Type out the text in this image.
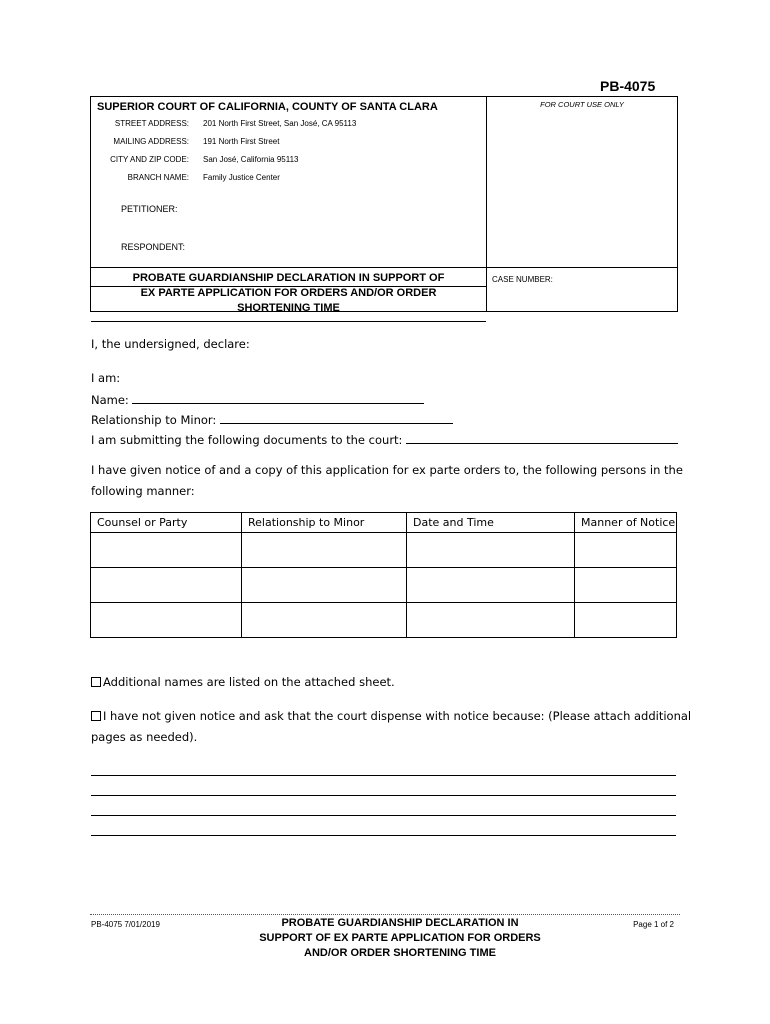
PB-4075
SUPERIOR COURT OF CALIFORNIA, COUNTY OF SANTA CLARA	FOR COURT USE ONLY
STREET ADDRESS: 201 North First Street, San José, CA 95113
MAILING ADDRESS: 191 North First Street
CITY AND ZIP CODE: San José, California 95113
BRANCH NAME: Family Justice Center
PETITIONER:
RESPONDENT:
PROBATE GUARDIANSHIP DECLARATION IN SUPPORT OF
EX PARTE APPLICATION FOR ORDERS AND/OR ORDER
SHORTENING TIME
CASE NUMBER:
I, the undersigned, declare:
I am:
Name:
Relationship to Minor:
I am submitting the following documents to the court:
I have given notice of and a copy of this application for ex parte orders to, the following persons in the
following manner:
Counsel or Party	Relationship to Minor	Date and Time	Manner of Notice

Additional names are listed on the attached sheet.
I have not given notice and ask that the court dispense with notice because: (Please attach additional
pages as needed).
PB-4075 7/01/2019	PROBATE GUARDIANSHIP DECLARATION IN
SUPPORT OF EX PARTE APPLICATION FOR ORDERS
AND/OR ORDER SHORTENING TIME
Page 1 of 2
